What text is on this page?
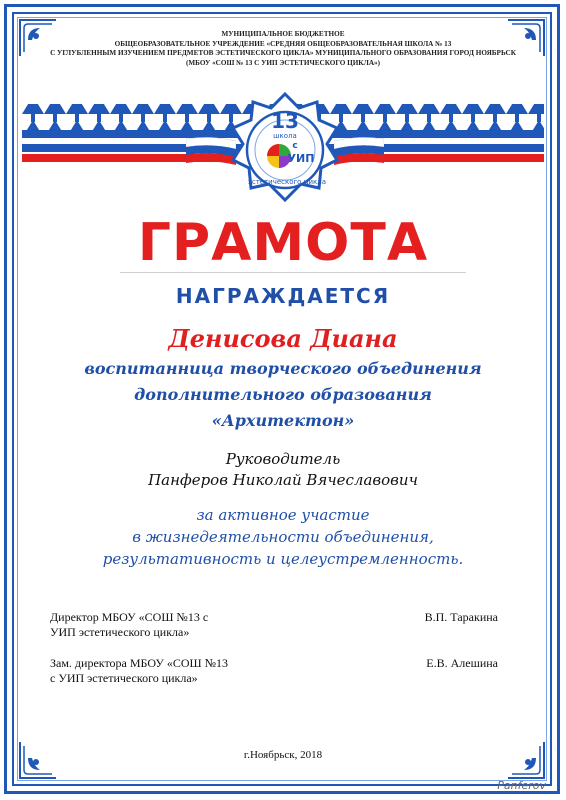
МУНИЦИПАЛЬНОЕ БЮДЖЕТНОЕ
ОБЩЕОБРАЗОВАТЕЛЬНОЕ УЧРЕЖДЕНИЕ «СРЕДНЯЯ ОБЩЕОБРАЗОВАТЕЛЬНАЯ ШКОЛА № 13
С УГЛУБЛЕННЫМ ИЗУЧЕНИЕМ ПРЕДМЕТОВ ЭСТЕТИЧЕСКОГО ЦИКЛА» МУНИЦИПАЛЬНОГО ОБРАЗОВАНИЯ ГОРОД НОЯБРЬСК
(МБОУ «СОШ № 13 С УИП ЭСТЕТИЧЕСКОГО ЦИКЛА»)
13
школа
с
УИП
эстетического цикла
ГРАМОТА
НАГРАЖДАЕТСЯ
Денисова Диана
воспитанница творческого объединения
дополнительного образования
«Архитектон»
Руководитель
Панферов Николай Вячеславович
за активное участие
в жизнедеятельности объединения,
результативность и целеустремленность.
Директор МБОУ «СОШ №13 с
УИП эстетического цикла»
В.П. Таракина
Зам. директора МБОУ «СОШ №13
с УИП эстетического цикла»
Е.В. Алешина
г.Ноябрьск, 2018
Panferov
